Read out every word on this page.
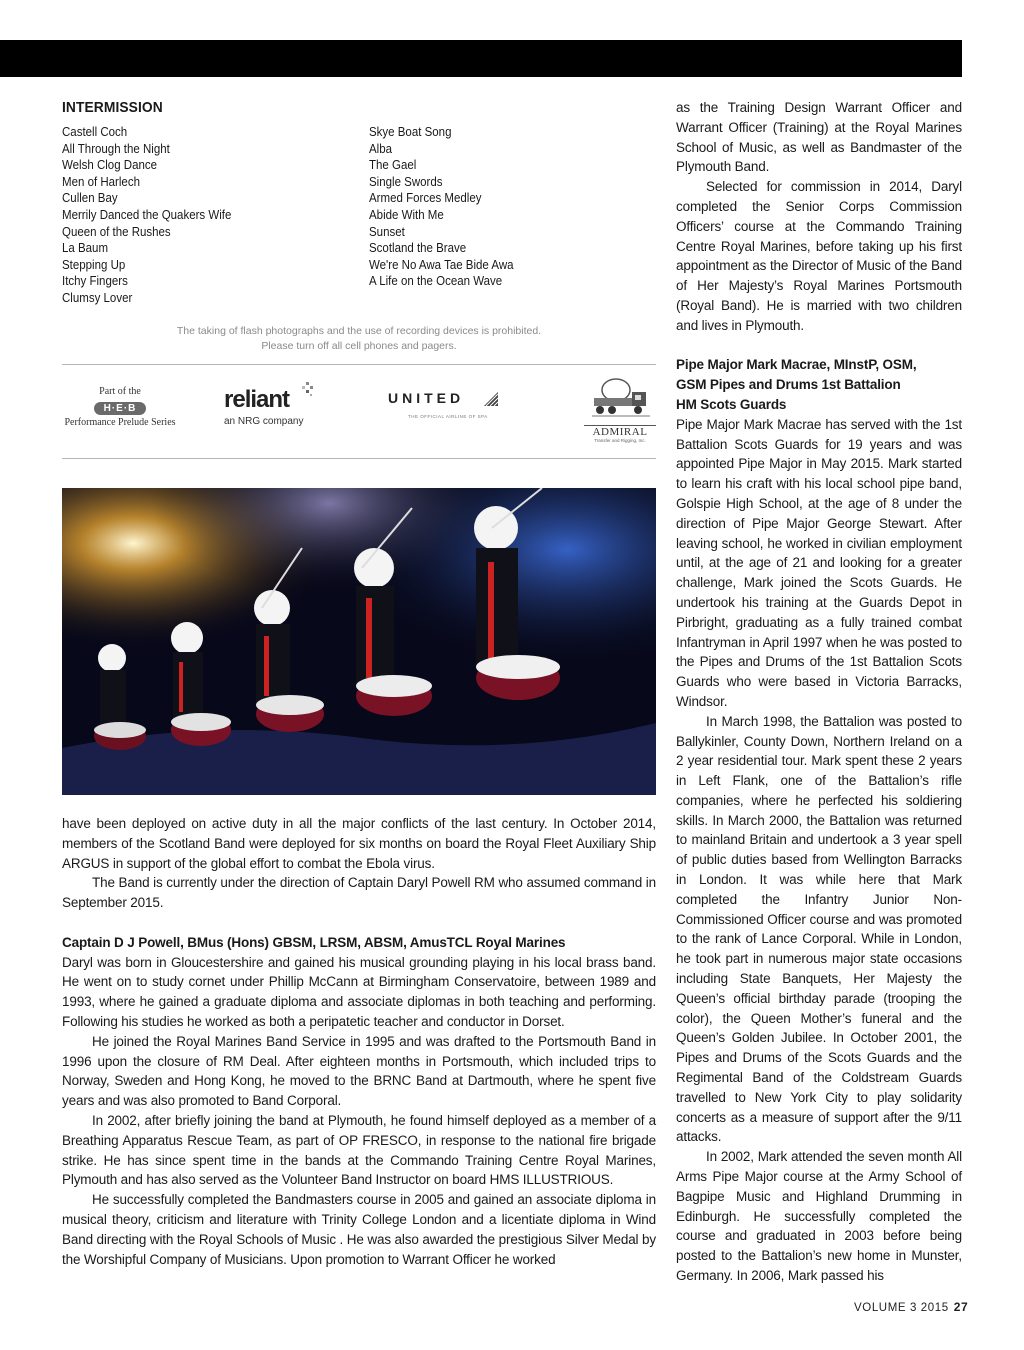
INTERMISSION
Castell Coch
All Through the Night
Welsh Clog Dance
Men of Harlech
Cullen Bay
Merrily Danced the Quakers Wife
Queen of the Rushes
La Baum
Stepping Up
Itchy Fingers
Clumsy Lover
Skye Boat Song
Alba
The Gael
Single Swords
Armed Forces Medley
Abide With Me
Sunset
Scotland the Brave
We're No Awa Tae Bide Awa
A Life on the Ocean Wave
The taking of flash photographs and the use of recording devices is prohibited.
Please turn off all cell phones and pagers.
Part of the
H·E·B
Performance Prelude Series
reliant
an NRG company
UNITED
THE OFFICIAL AIRLINE OF SPA
ADMIRAL
Transfer and Rigging, Inc.

have been deployed on active duty in all the major conflicts of the last century. In October 2014, members of the Scotland Band were deployed for six months on board the Royal Fleet Auxiliary Ship ARGUS in support of the global effort to combat the Ebola virus.

The Band is currently under the direction of Captain Daryl Powell RM who assumed command in September 2015.

Captain D J Powell, BMus (Hons) GBSM, LRSM, ABSM, AmusTCL Royal Marines

Daryl was born in Gloucestershire and gained his musical grounding playing in his local brass band. He went on to study cornet under Phillip McCann at Birmingham Conservatoire, between 1989 and 1993, where he gained a graduate diploma and associate diplomas in both teaching and performing. Following his studies he worked as both a peripatetic teacher and conductor in Dorset.

He joined the Royal Marines Band Service in 1995 and was drafted to the Portsmouth Band in 1996 upon the closure of RM Deal. After eighteen months in Portsmouth, which included trips to Norway, Sweden and Hong Kong, he moved to the BRNC Band at Dartmouth, where he spent five years and was also promoted to Band Corporal.

In 2002, after briefly joining the band at Plymouth, he found himself deployed as a member of a Breathing Apparatus Rescue Team, as part of OP FRESCO, in response to the national fire brigade strike. He has since spent time in the bands at the Commando Training Centre Royal Marines, Plymouth and has also served as the Volunteer Band Instructor on board HMS ILLUSTRIOUS.

He successfully completed the Bandmasters course in 2005 and gained an associate diploma in musical theory, criticism and literature with Trinity College London and a licentiate diploma in Wind Band directing with the Royal Schools of Music . He was also awarded the prestigious Silver Medal by the Worshipful Company of Musicians. Upon promotion to Warrant Officer he worked

as the Training Design Warrant Officer and Warrant Officer (Training) at the Royal Marines School of Music, as well as Bandmaster of the Plymouth Band.

Selected for commission in 2014, Daryl completed the Senior Corps Commission Officers’ course at the Commando Training Centre Royal Marines, before taking up his first appointment as the Director of Music of the Band of Her Majesty’s Royal Marines Portsmouth (Royal Band). He is married with two children and lives in Plymouth.

Pipe Major Mark Macrae, MInstP, OSM,

GSM Pipes and Drums 1st Battalion

HM Scots Guards

Pipe Major Mark Macrae has served with the 1st Battalion Scots Guards for 19 years and was appointed Pipe Major in May 2015. Mark started to learn his craft with his local school pipe band, Golspie High School, at the age of 8 under the direction of Pipe Major George Stewart. After leaving school, he worked in civilian employment until, at the age of 21 and looking for a greater challenge, Mark joined the Scots Guards. He undertook his training at the Guards Depot in Pirbright, graduating as a fully trained combat Infantryman in April 1997 when he was posted to the Pipes and Drums of the 1st Battalion Scots Guards who were based in Victoria Barracks, Windsor.

In March 1998, the Battalion was posted to Ballykinler, County Down, Northern Ireland on a 2 year residential tour. Mark spent these 2 years in Left Flank, one of the Battalion’s rifle companies, where he perfected his soldiering skills. In March 2000, the Battalion was returned to mainland Britain and undertook a 3 year spell of public duties based from Wellington Barracks in London. It was while here that Mark completed the Infantry Junior Non-Commissioned Officer course and was promoted to the rank of Lance Corporal. While in London, he took part in numerous major state occasions including State Banquets, Her Majesty the Queen’s official birthday parade (trooping the color), the Queen Mother’s funeral and the Queen’s Golden Jubilee. In October 2001, the Pipes and Drums of the Scots Guards and the Regimental Band of the Coldstream Guards travelled to New York City to play solidarity concerts as a measure of support after the 9/11 attacks.

In 2002, Mark attended the seven month All Arms Pipe Major course at the Army School of Bagpipe Music and Highland Drumming in Edinburgh. He successfully completed the course and graduated in 2003 before being posted to the Battalion’s new home in Munster, Germany. In 2006, Mark passed his

VOLUME 3 2015 27
